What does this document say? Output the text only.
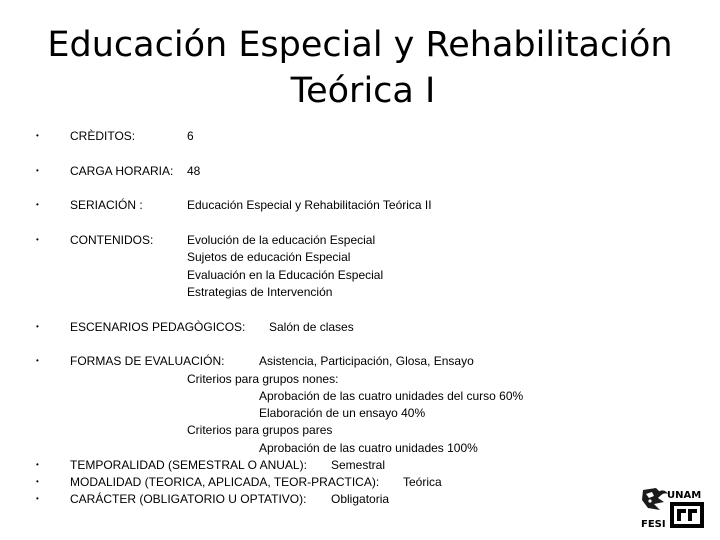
Educación Especial y Rehabilitación
Teórica I
•	CRÈDITOS:	6
•	CARGA HORARIA: 48
•	SERIACIÓN :	Educación Especial y Rehabilitación Teórica II
•	CONTENIDOS:	Evolución de la educación Especial
Sujetos de educación Especial
Evaluación en la Educación Especial
Estrategias de Intervención
•	ESCENARIOS PEDAGÒGICOS: Salón de clases
•	FORMAS DE EVALUACIÓN:	Asistencia, Participación, Glosa, Ensayo
Criterios para grupos nones:
Aprobación de las cuatro unidades del curso 60%
Elaboración de un ensayo 40%
Criterios para grupos pares
Aprobación de las cuatro unidades 100%
•	TEMPORALIDAD (SEMESTRAL O ANUAL): Semestral
•	MODALIDAD (TEORICA, APLICADA, TEOR-PRACTICA): Teórica
•	CARÁCTER (OBLIGATORIO U OPTATIVO): Obligatoria	UNAM
FESI
